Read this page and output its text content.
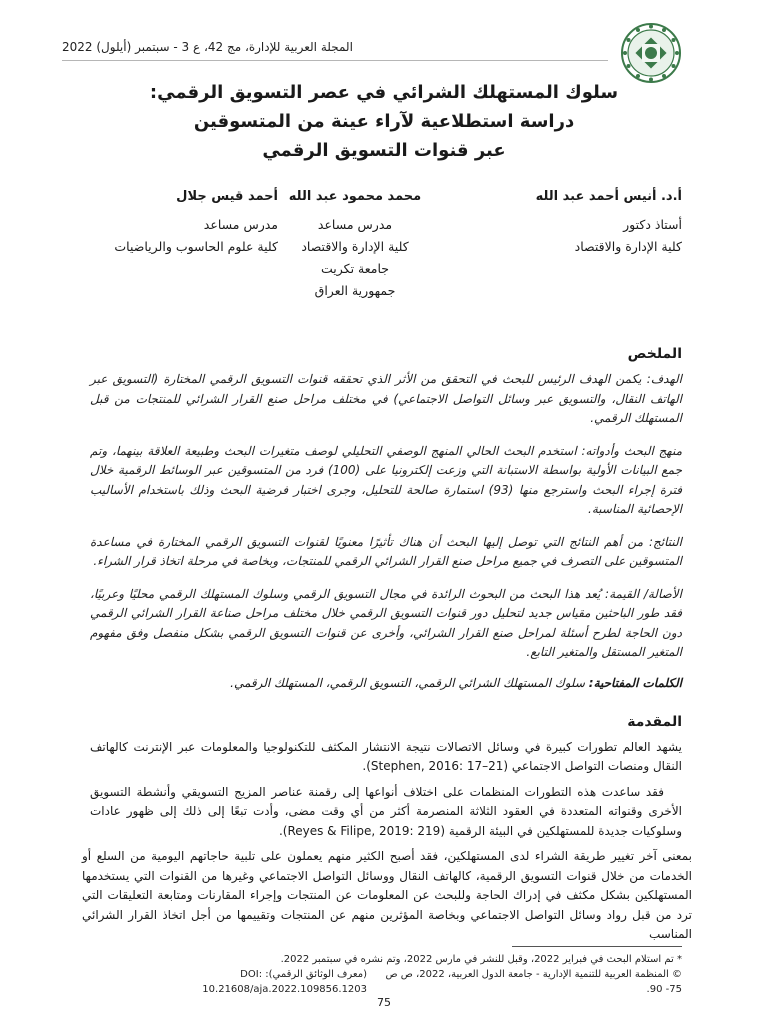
المجلة العربية للإدارة، مج 42، ع 3 - سبتمبر (أيلول) 2022
سلوك المستهلك الشرائي في عصر التسويق الرقمي:
دراسة استطلاعية لآراء عينة من المتسوقين
عبر قنوات التسويق الرقمي
أ.د. أنيس أحمد عبد الله
أستاذ دكتور
كلية الإدارة والاقتصاد
محمد محمود عبد الله
مدرس مساعد
كلية الإدارة والاقتصاد
جامعة تكريت
جمهورية العراق
أحمد قيس جلال
مدرس مساعد
كلية علوم الحاسوب والرياضيات
الملخص

الهدف: يكمن الهدف الرئيس للبحث في التحقق من الأثر الذي تحققه قنوات التسويق الرقمي المختارة (التسويق عبر الهاتف النقال، والتسويق عبر وسائل التواصل الاجتماعي) في مختلف مراحل صنع القرار الشرائي للمنتجات من قبل المستهلك الرقمي.

منهج البحث وأدواته: استخدم البحث الحالي المنهج الوصفي التحليلي لوصف متغيرات البحث وطبيعة العلاقة بينهما، وتم جمع البيانات الأولية بواسطة الاستبانة التي وزعت إلكترونيا على (100) فرد من المتسوقين عبر الوسائط الرقمية خلال فترة إجراء البحث واسترجع منها (93) استمارة صالحة للتحليل، وجرى اختبار فرضية البحث وذلك باستخدام الأساليب الإحصائية المناسبة.

النتائج: من أهم النتائج التي توصل إليها البحث أن هناك تأثيرًا معنويًا لقنوات التسويق الرقمي المختارة في مساعدة المتسوقين على التصرف في جميع مراحل صنع القرار الشرائي الرقمي للمنتجات، وبخاصة في مرحلة اتخاذ قرار الشراء.

الأصالة/ القيمة: يُعد هذا البحث من البحوث الرائدة في مجال التسويق الرقمي وسلوك المستهلك الرقمي محليًا وعربيًا، فقد طور الباحثين مقياس جديد لتحليل دور قنوات التسويق الرقمي خلال مختلف مراحل صناعة القرار الشرائي الرقمي دون الحاجة لطرح أسئلة لمراحل صنع القرار الشرائي، وأخرى عن قنوات التسويق الرقمي بشكل منفصل وفق مفهوم المتغير المستقل والمتغير التابع.

الكلمات المفتاحية: سلوك المستهلك الشرائي الرقمي، التسويق الرقمي، المستهلك الرقمي.

المقدمة

يشهد العالم تطورات كبيرة في وسائل الاتصالات نتيجة الانتشار المكثف للتكنولوجيا والمعلومات عبر الإنترنت كالهاتف النقال ومنصات التواصل الاجتماعي (Stephen, 2016: 17–21).

فقد ساعدت هذه التطورات المنظمات على اختلاف أنواعها إلى رقمنة عناصر المزيج التسويقي وأنشطة التسويق الأخرى وقنواته المتعددة في العقود الثلاثة المنصرمة أكثر من أي وقت مضى، وأدت تبعًا إلى ذلك إلى ظهور عادات وسلوكيات جديدة للمستهلكين في البيئة الرقمية (Reyes & Filipe, 2019: 219).

بمعنى آخر تغيير طريقة الشراء لدى المستهلكين، فقد أصبح الكثير منهم يعملون على تلبية حاجاتهم اليومية من السلع أو الخدمات من خلال قنوات التسويق الرقمية، كالهاتف النقال ووسائل التواصل الاجتماعي وغيرها من القنوات التي يستخدمها المستهلكين بشكل مكثف في إدراك الحاجة وللبحث عن المعلومات عن المنتجات وإجراء المقارنات ومتابعة التعليقات التي ترد من قبل رواد وسائل التواصل الاجتماعي وبخاصة المؤثرين منهم عن المنتجات وتقييمها من أجل اتخاذ القرار الشرائي المناسب

* تم استلام البحث في فبراير 2022، وقبل للنشر في مارس 2022، وتم نشره في سبتمبر 2022.
© المنظمة العربية للتنمية الإدارية - جامعة الدول العربية، 2022، ص ص 75- 90.
(معرف الوثائق الرقمي): DOI: 10.21608/aja.2022.109856.1203
75
